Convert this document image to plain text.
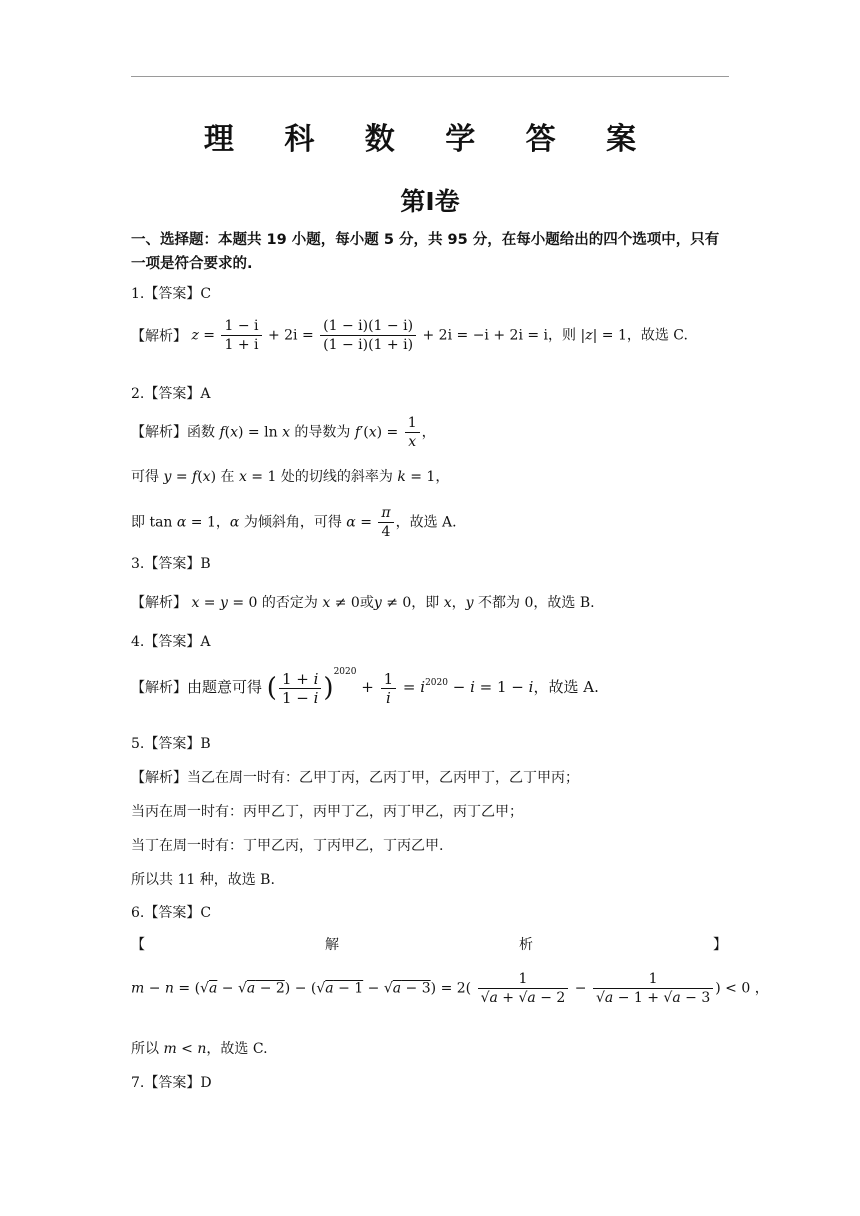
理 科 数 学 答 案
第Ⅰ卷
一、选择题：本题共 19 小题，每小题 5 分，共 95 分，在每小题给出的四个选项中，只有一项是符合要求的.
1.【答案】C
【解析】 $z = \frac{1 - i}{1 + i} + 2i = \frac{(1 - i)(1 - i)}{(1 - i)(1 + i)} + 2i = -i + 2i = i$，则 |z| = 1，故选 C.
2.【答案】A
【解析】函数 f(x) = ln x 的导数为 $f'(x) = \frac{1}{x}$ ，
可得 y = f(x) 在 x = 1 处的切线的斜率为 k = 1，
即 tan α = 1，α 为倾斜角，可得 $\alpha = \frac{\pi}{4}$ ，故选 A.
3.【答案】B
【解析】 x = y = 0 的否定为 x ≠ 0或y ≠ 0，即 x，y 不都为 0，故选 B.
4.【答案】A
【解析】由题意可得 ( $\frac{1 + i}{1 - i} )^{2020} + \frac{1}{i} = i^{2020} - i = 1 - i$，故选 A.
5.【答案】B
【解析】当乙在周一时有：乙甲丁丙，乙丙丁甲，乙丙甲丁，乙丁甲丙；
当丙在周一时有：丙甲乙丁，丙甲丁乙，丙丁甲乙，丙丁乙甲；
当丁在周一时有：丁甲乙丙，丁丙甲乙，丁丙乙甲.
所以共 11 种，故选 B.
6.【答案】C
【	解	析	】
$m - n = (√a - √a - 2) - (√a - 1 - √a - 3) = 2( \frac{1}{√a + √a - 2} - \frac{1}{√a - 1 + √a - 3}$ ) < 0 ，
所以 m < n，故选 C.
7.【答案】D
